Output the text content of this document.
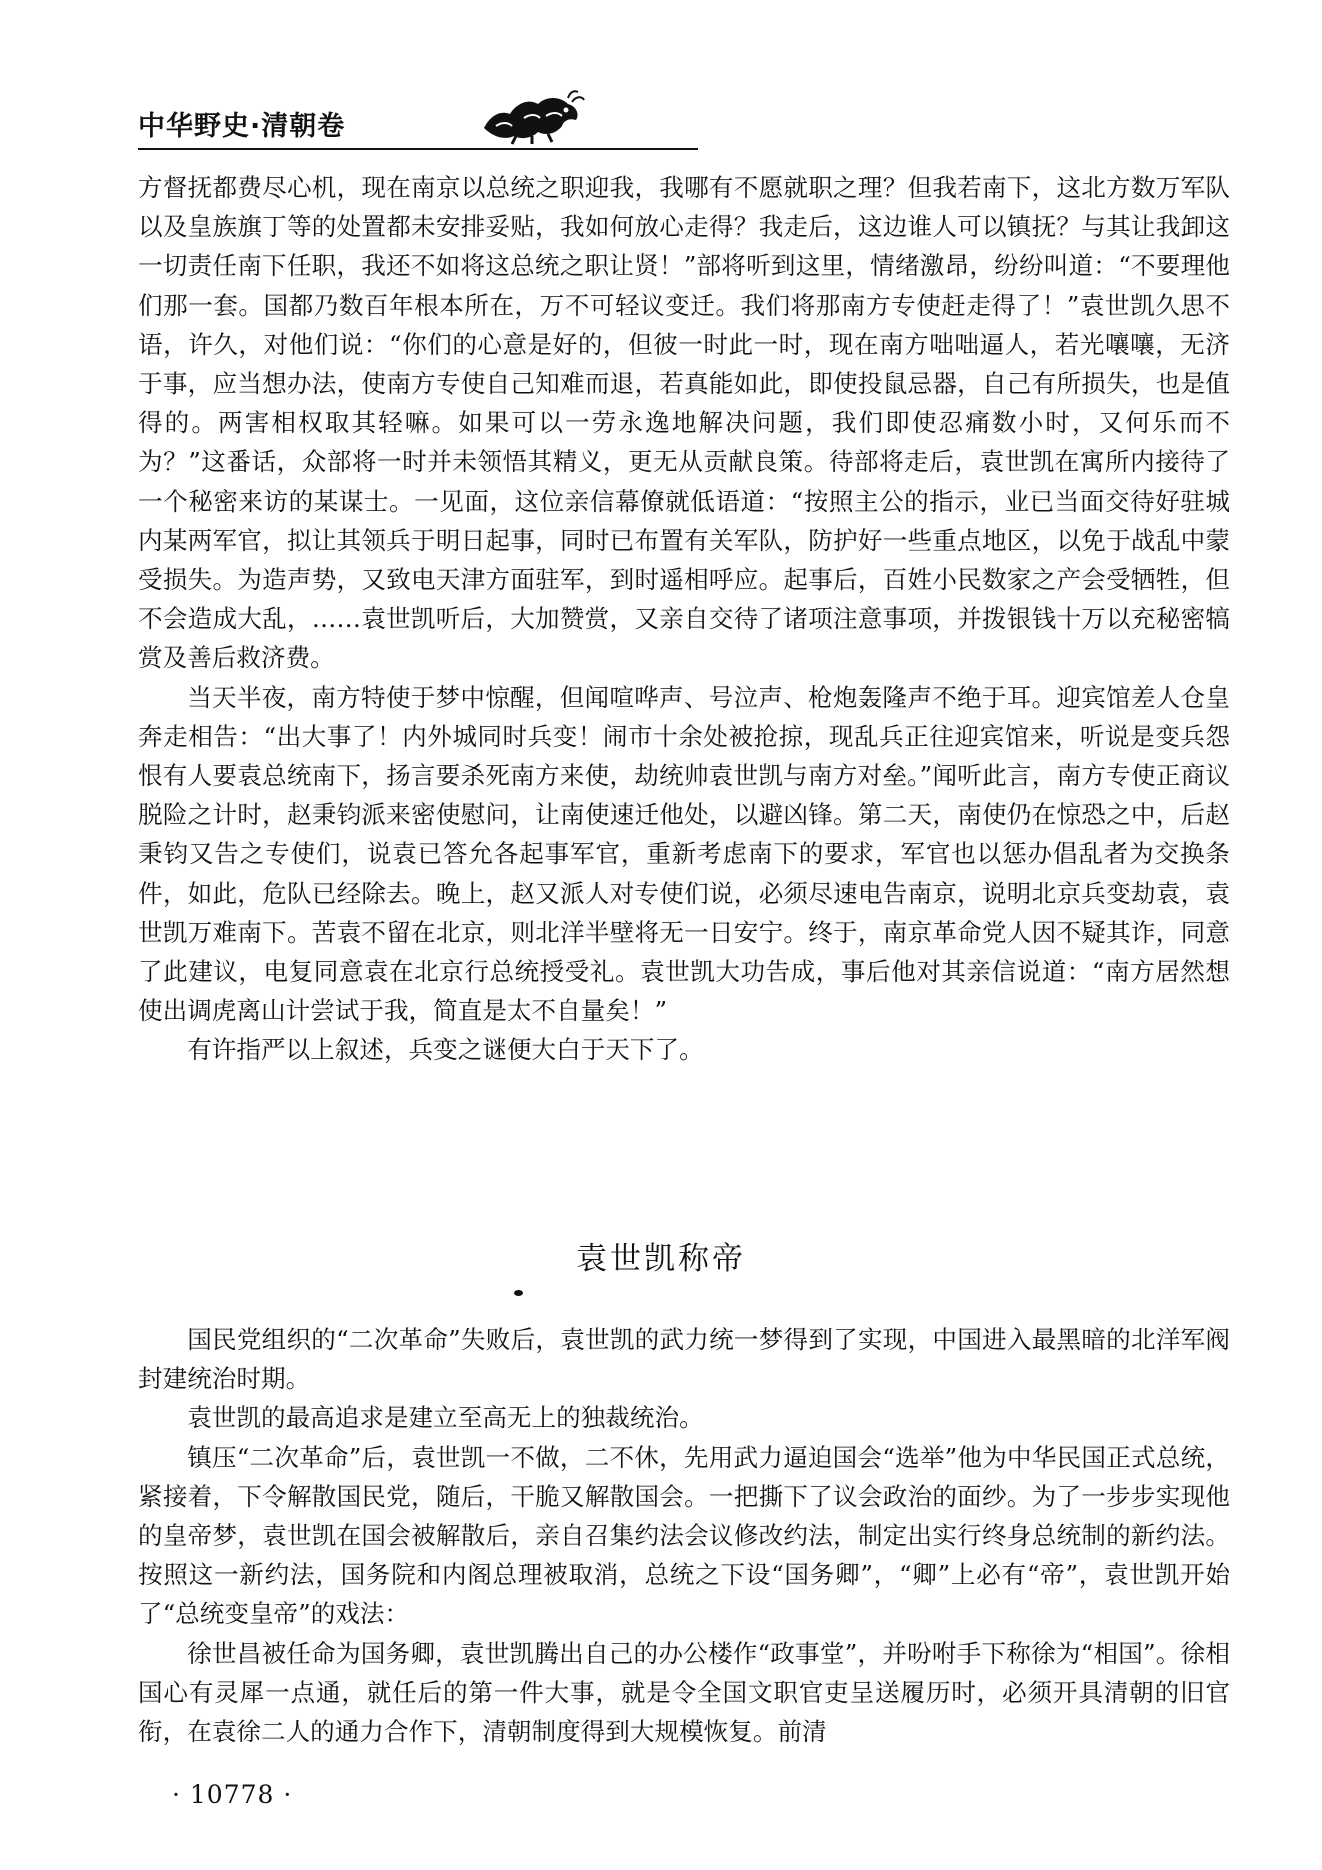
中华野史·清朝卷

方督抚都费尽心机，现在南京以总统之职迎我，我哪有不愿就职之理？但我若南下，这北方数万军队以及皇族旗丁等的处置都未安排妥贴，我如何放心走得？我走后，这边谁人可以镇抚？与其让我卸这一切责任南下任职，我还不如将这总统之职让贤！”部将听到这里，情绪激昂，纷纷叫道：“不要理他们那一套。国都乃数百年根本所在，万不可轻议变迁。我们将那南方专使赶走得了！”袁世凯久思不语，许久，对他们说：“你们的心意是好的，但彼一时此一时，现在南方咄咄逼人，若光嚷嚷，无济于事，应当想办法，使南方专使自己知难而退，若真能如此，即使投鼠忌器，自己有所损失，也是值得的。两害相权取其轻嘛。如果可以一劳永逸地解决问题，我们即使忍痛数小时，又何乐而不为？”这番话，众部将一时并未领悟其精义，更无从贡献良策。待部将走后，袁世凯在寓所内接待了一个秘密来访的某谋士。一见面，这位亲信幕僚就低语道：“按照主公的指示，业已当面交待好驻城内某两军官，拟让其领兵于明日起事，同时已布置有关军队，防护好一些重点地区，以免于战乱中蒙受损失。为造声势，又致电天津方面驻军，到时遥相呼应。起事后，百姓小民数家之产会受牺牲，但不会造成大乱，……袁世凯听后，大加赞赏，又亲自交待了诸项注意事项，并拨银钱十万以充秘密犒赏及善后救济费。

当天半夜，南方特使于梦中惊醒，但闻喧哗声、号泣声、枪炮轰隆声不绝于耳。迎宾馆差人仓皇奔走相告：“出大事了！内外城同时兵变！闹市十余处被抢掠，现乱兵正往迎宾馆来，听说是变兵怨恨有人要袁总统南下，扬言要杀死南方来使，劫统帅袁世凯与南方对垒。”闻听此言，南方专使正商议脱险之计时，赵秉钧派来密使慰问，让南使速迁他处，以避凶锋。第二天，南使仍在惊恐之中，后赵秉钧又告之专使们，说袁已答允各起事军官，重新考虑南下的要求，军官也以惩办倡乱者为交换条件，如此，危队已经除去。晚上，赵又派人对专使们说，必须尽速电告南京，说明北京兵变劫袁，袁世凯万难南下。苦袁不留在北京，则北洋半壁将无一日安宁。终于，南京革命党人因不疑其诈，同意了此建议，电复同意袁在北京行总统授受礼。袁世凯大功告成，事后他对其亲信说道：“南方居然想使出调虎离山计尝试于我，简直是太不自量矣！”

有许指严以上叙述，兵变之谜便大白于天下了。

袁世凯称帝

国民党组织的“二次革命”失败后，袁世凯的武力统一梦得到了实现，中国进入最黑暗的北洋军阀封建统治时期。

袁世凯的最高追求是建立至高无上的独裁统治。

镇压“二次革命”后，袁世凯一不做，二不休，先用武力逼迫国会“选举”他为中华民国正式总统，紧接着，下令解散国民党，随后，干脆又解散国会。一把撕下了议会政治的面纱。为了一步步实现他的皇帝梦，袁世凯在国会被解散后，亲自召集约法会议修改约法，制定出实行终身总统制的新约法。按照这一新约法，国务院和内阁总理被取消，总统之下设“国务卿”，“卿”上必有“帝”，袁世凯开始了“总统变皇帝”的戏法：

徐世昌被任命为国务卿，袁世凯腾出自己的办公楼作“政事堂”，并吩咐手下称徐为“相国”。徐相国心有灵犀一点通，就任后的第一件大事，就是令全国文职官吏呈送履历时，必须开具清朝的旧官衔，在袁徐二人的通力合作下，清朝制度得到大规模恢复。前清

· 10778 ·
